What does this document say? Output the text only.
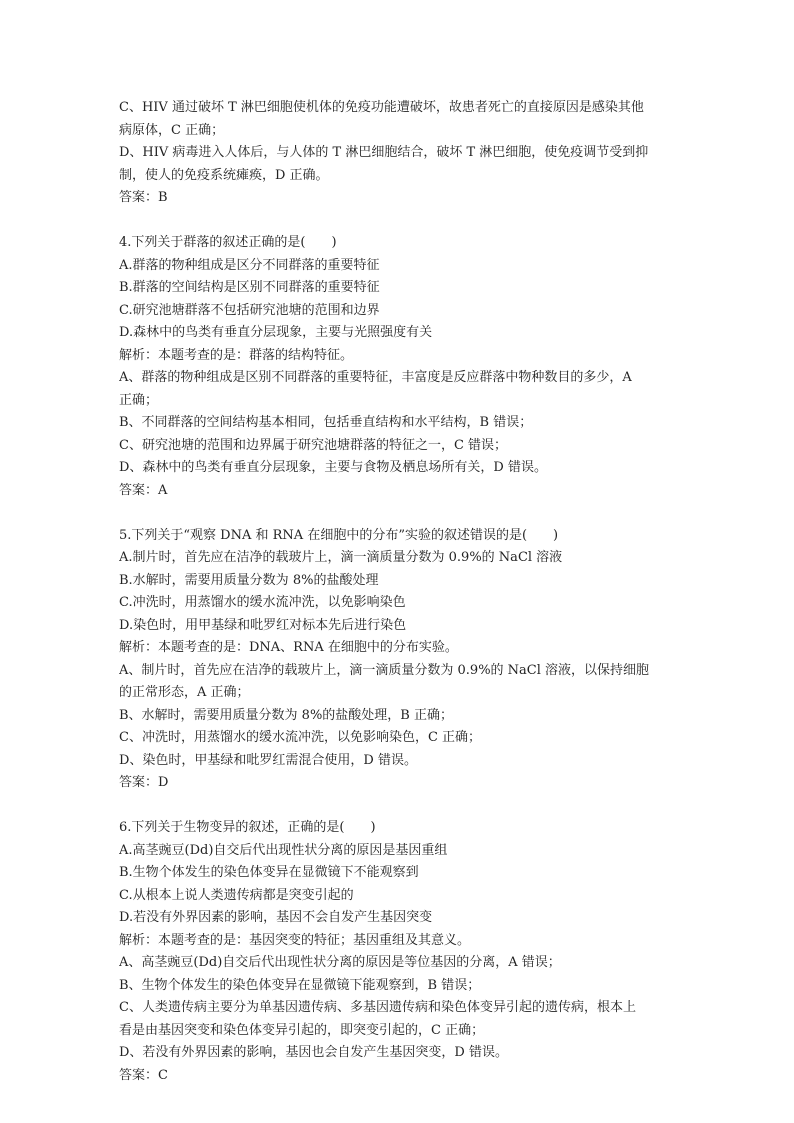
C、HIV 通过破坏 T 淋巴细胞使机体的免疫功能遭破坏，故患者死亡的直接原因是感染其他
病原体，C 正确；
D、HIV 病毒进入人体后，与人体的 T 淋巴细胞结合，破坏 T 淋巴细胞，使免疫调节受到抑
制，使人的免疫系统瘫痪，D 正确。
答案：B
4.下列关于群落的叙述正确的是(　　)
A.群落的物种组成是区分不同群落的重要特征
B.群落的空间结构是区别不同群落的重要特征
C.研究池塘群落不包括研究池塘的范围和边界
D.森林中的鸟类有垂直分层现象，主要与光照强度有关
解析：本题考查的是：群落的结构特征。
A、群落的物种组成是区别不同群落的重要特征，丰富度是反应群落中物种数目的多少，A
正确；
B、不同群落的空间结构基本相同，包括垂直结构和水平结构，B 错误；
C、研究池塘的范围和边界属于研究池塘群落的特征之一，C 错误；
D、森林中的鸟类有垂直分层现象，主要与食物及栖息场所有关，D 错误。
答案：A
5.下列关于“观察 DNA 和 RNA 在细胞中的分布”实验的叙述错误的是(　　)
A.制片时，首先应在洁净的载玻片上，滴一滴质量分数为 0.9%的 NaCl 溶液
B.水解时，需要用质量分数为 8%的盐酸处理
C.冲洗时，用蒸馏水的缓水流冲洗，以免影响染色
D.染色时，用甲基绿和吡罗红对标本先后进行染色
解析：本题考查的是：DNA、RNA 在细胞中的分布实验。
A、制片时，首先应在洁净的载玻片上，滴一滴质量分数为 0.9%的 NaCl 溶液，以保持细胞
的正常形态，A 正确；
B、水解时，需要用质量分数为 8%的盐酸处理，B 正确；
C、冲洗时，用蒸馏水的缓水流冲洗，以免影响染色，C 正确；
D、染色时，甲基绿和吡罗红需混合使用，D 错误。
答案：D
6.下列关于生物变异的叙述，正确的是(　　)
A.高茎豌豆(Dd)自交后代出现性状分离的原因是基因重组
B.生物个体发生的染色体变异在显微镜下不能观察到
C.从根本上说人类遗传病都是突变引起的
D.若没有外界因素的影响，基因不会自发产生基因突变
解析：本题考查的是：基因突变的特征；基因重组及其意义。
A、高茎豌豆(Dd)自交后代出现性状分离的原因是等位基因的分离，A 错误；
B、生物个体发生的染色体变异在显微镜下能观察到，B 错误；
C、人类遗传病主要分为单基因遗传病、多基因遗传病和染色体变异引起的遗传病，根本上
看是由基因突变和染色体变异引起的，即突变引起的，C 正确；
D、若没有外界因素的影响，基因也会自发产生基因突变，D 错误。
答案：C
